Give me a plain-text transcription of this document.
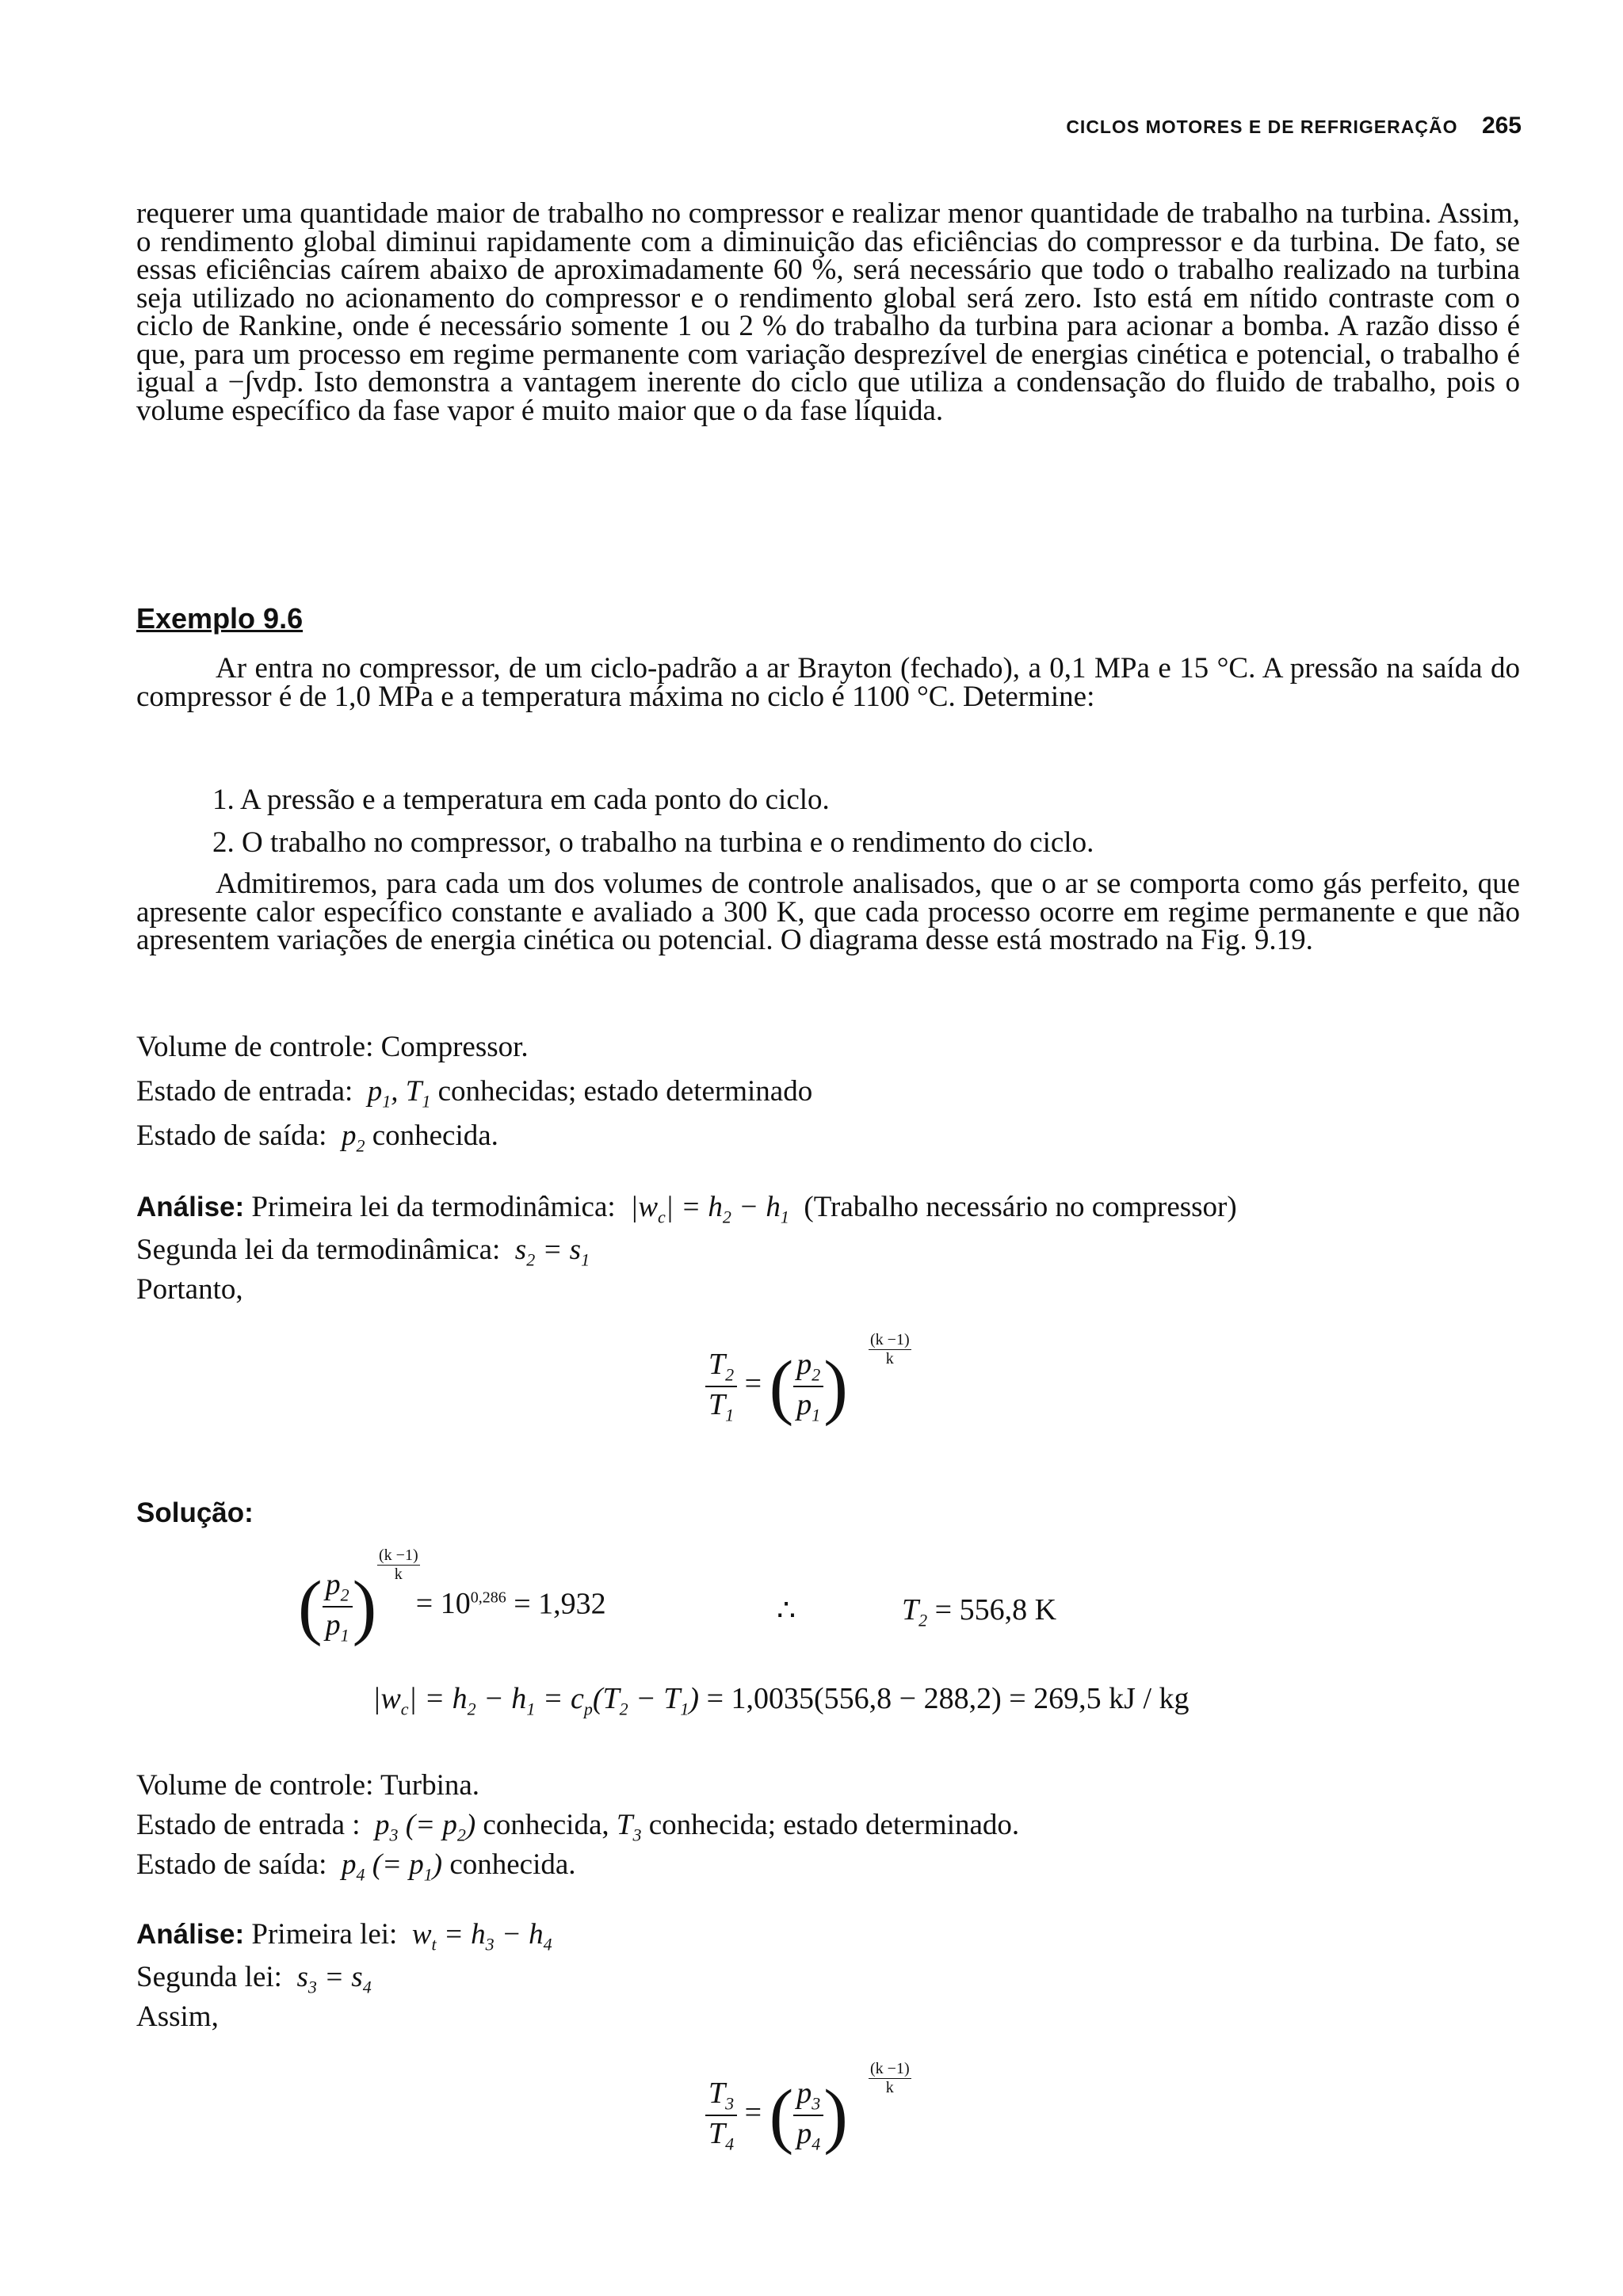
CICLOS MOTORES E DE REFRIGERAÇÃO 265

requerer uma quantidade maior de trabalho no compressor e realizar menor quantidade de trabalho na turbina. Assim, o rendimento global diminui rapidamente com a diminuição das eficiências do compressor e da turbina. De fato, se essas eficiências caírem abaixo de aproximadamente 60 %, será necessário que todo o trabalho realizado na turbina seja utilizado no acionamento do compressor e o rendimento global será zero. Isto está em nítido contraste com o ciclo de Rankine, onde é necessário somente 1 ou 2 % do trabalho da turbina para acionar a bomba. A razão disso é que, para um processo em regime permanente com variação desprezível de energias cinética e potencial, o trabalho é igual a −∫vdp. Isto demonstra a vantagem inerente do ciclo que utiliza a condensação do fluido de trabalho, pois o volume específico da fase vapor é muito maior que o da fase líquida.

Exemplo 9.6

Ar entra no compressor, de um ciclo-padrão a ar Brayton (fechado), a 0,1 MPa e 15 °C. A pressão na saída do compressor é de 1,0 MPa e a temperatura máxima no ciclo é 1100 °C. Determine:

1. A pressão e a temperatura em cada ponto do ciclo.
2. O trabalho no compressor, o trabalho na turbina e o rendimento do ciclo.

Admitiremos, para cada um dos volumes de controle analisados, que o ar se comporta como gás perfeito, que apresente calor específico constante e avaliado a 300 K, que cada processo ocorre em regime permanente e que não apresentem variações de energia cinética ou potencial. O diagrama desse está mostrado na Fig. 9.19.

Volume de controle: Compressor.
Estado de entrada:  $p_1$, $T_1$ conhecidas; estado determinado
Estado de saída:  $p_2$ conhecida.
Análise: Primeira lei da termodinâmica:  $|w_c| = h_2 - h_1$ (Trabalho necessário no compressor)
Segunda lei da termodinâmica:  $s_2 = s_1$
Portanto,
$\frac{T_2}{T_1}$ = ( $\frac{p_2}{p_1}$ )
(k −1)
k
Solução:
( $\frac{p_2}{p_1}$ ) = $10^{0,286} = 1,932$
(k −1)
k
∴	$T_2 = 556,8$ K
$|w_c| = h_2 - h_1 = c_p(T_2 - T_1) = 1,0035(556,8 - 288,2) = 269,5$ kJ / kg
Volume de controle: Turbina.
Estado de entrada :  $p_3$ (= $p_2$) conhecida, $T_3$ conhecida; estado determinado.
Estado de saída:  $p_4$ (= $p_1$) conhecida.
Análise: Primeira lei:  $w_t = h_3 - h_4$
Segunda lei:  $s_3 = s_4$
Assim,
$\frac{T_3}{T_4}$ = ( $\frac{p_3}{p_4}$ )
(k −1)
k
